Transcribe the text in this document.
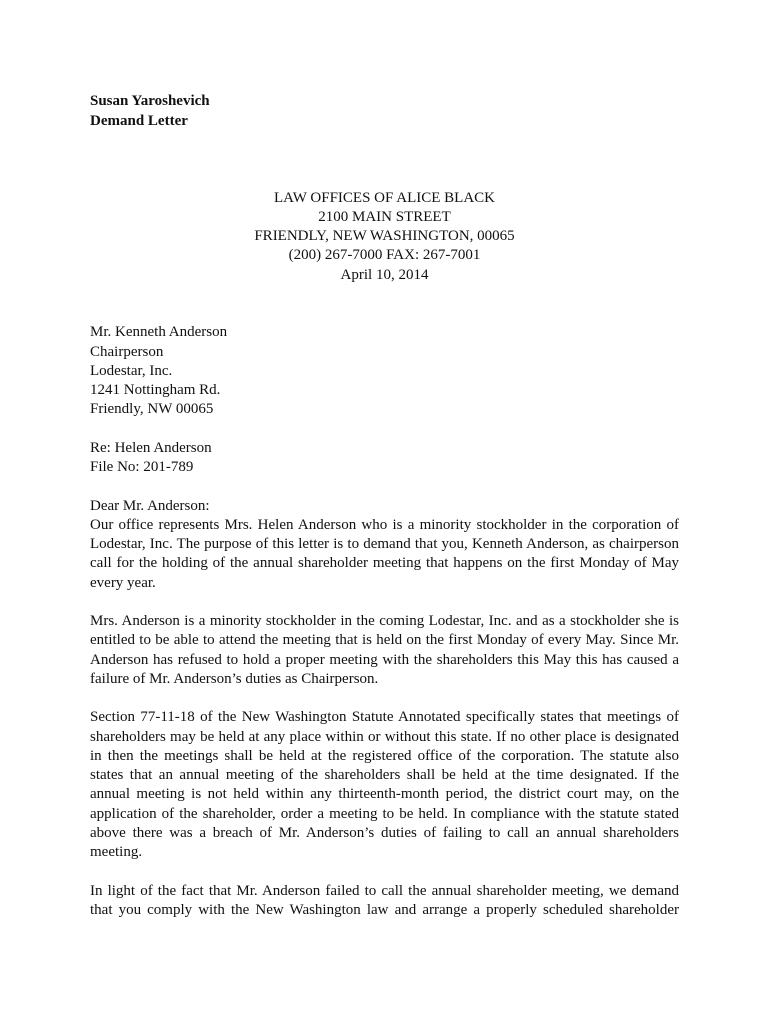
Susan Yaroshevich
Demand Letter
LAW OFFICES OF ALICE BLACK
2100 MAIN STREET
FRIENDLY, NEW WASHINGTON, 00065
(200) 267-7000 FAX: 267-7001
April 10, 2014
Mr. Kenneth Anderson
Chairperson
Lodestar, Inc.
1241 Nottingham Rd.
Friendly, NW 00065
Re: Helen Anderson
File No: 201-789
Dear Mr. Anderson:
Our office represents Mrs. Helen Anderson who is a minority stockholder in the corporation of
Lodestar, Inc. The purpose of this letter is to demand that you, Kenneth Anderson, as chairperson
call for the holding of the annual shareholder meeting that happens on the first Monday of May
every year.
Mrs. Anderson is a minority stockholder in the coming Lodestar, Inc. and as a stockholder she is
entitled to be able to attend the meeting that is held on the first Monday of every May. Since Mr.
Anderson has refused to hold a proper meeting with the shareholders this May this has caused a
failure of Mr. Anderson’s duties as Chairperson.
Section 77-11-18 of the New Washington Statute Annotated specifically states that meetings of
shareholders may be held at any place within or without this state. If no other place is designated
in then the meetings shall be held at the registered office of the corporation. The statute also
states that an annual meeting of the shareholders shall be held at the time designated. If the
annual meeting is not held within any thirteenth-month period, the district court may, on the
application of the shareholder, order a meeting to be held. In compliance with the statute stated
above there was a breach of Mr. Anderson’s duties of failing to call an annual shareholders
meeting.
In light of the fact that Mr. Anderson failed to call the annual shareholder meeting, we demand
that you comply with the New Washington law and arrange a properly scheduled shareholder
